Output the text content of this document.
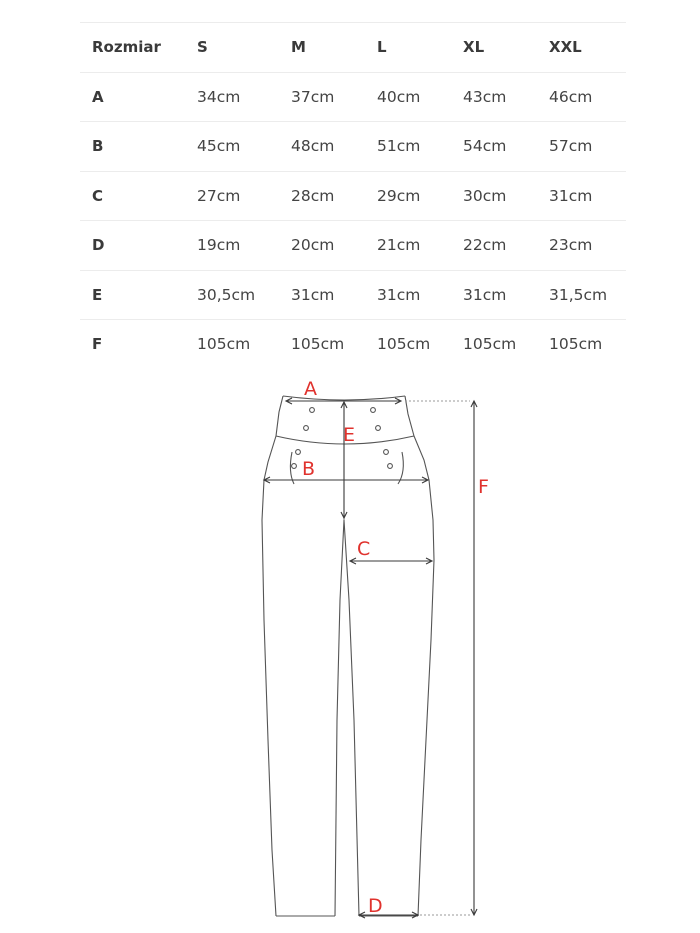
Rozmiar S	M	L	XL	XXL
A	34cm	37cm	40cm	43cm	46cm
B	45cm	48cm	51cm	54cm	57cm
C	27cm	28cm	29cm	30cm	31cm
D	19cm	20cm	21cm	22cm	23cm
E	30,5cm 31cm	31cm	31cm	31,5cm
F	105cm	105cm 105cm 105cm 105cm
A
E
B
C
D
F
